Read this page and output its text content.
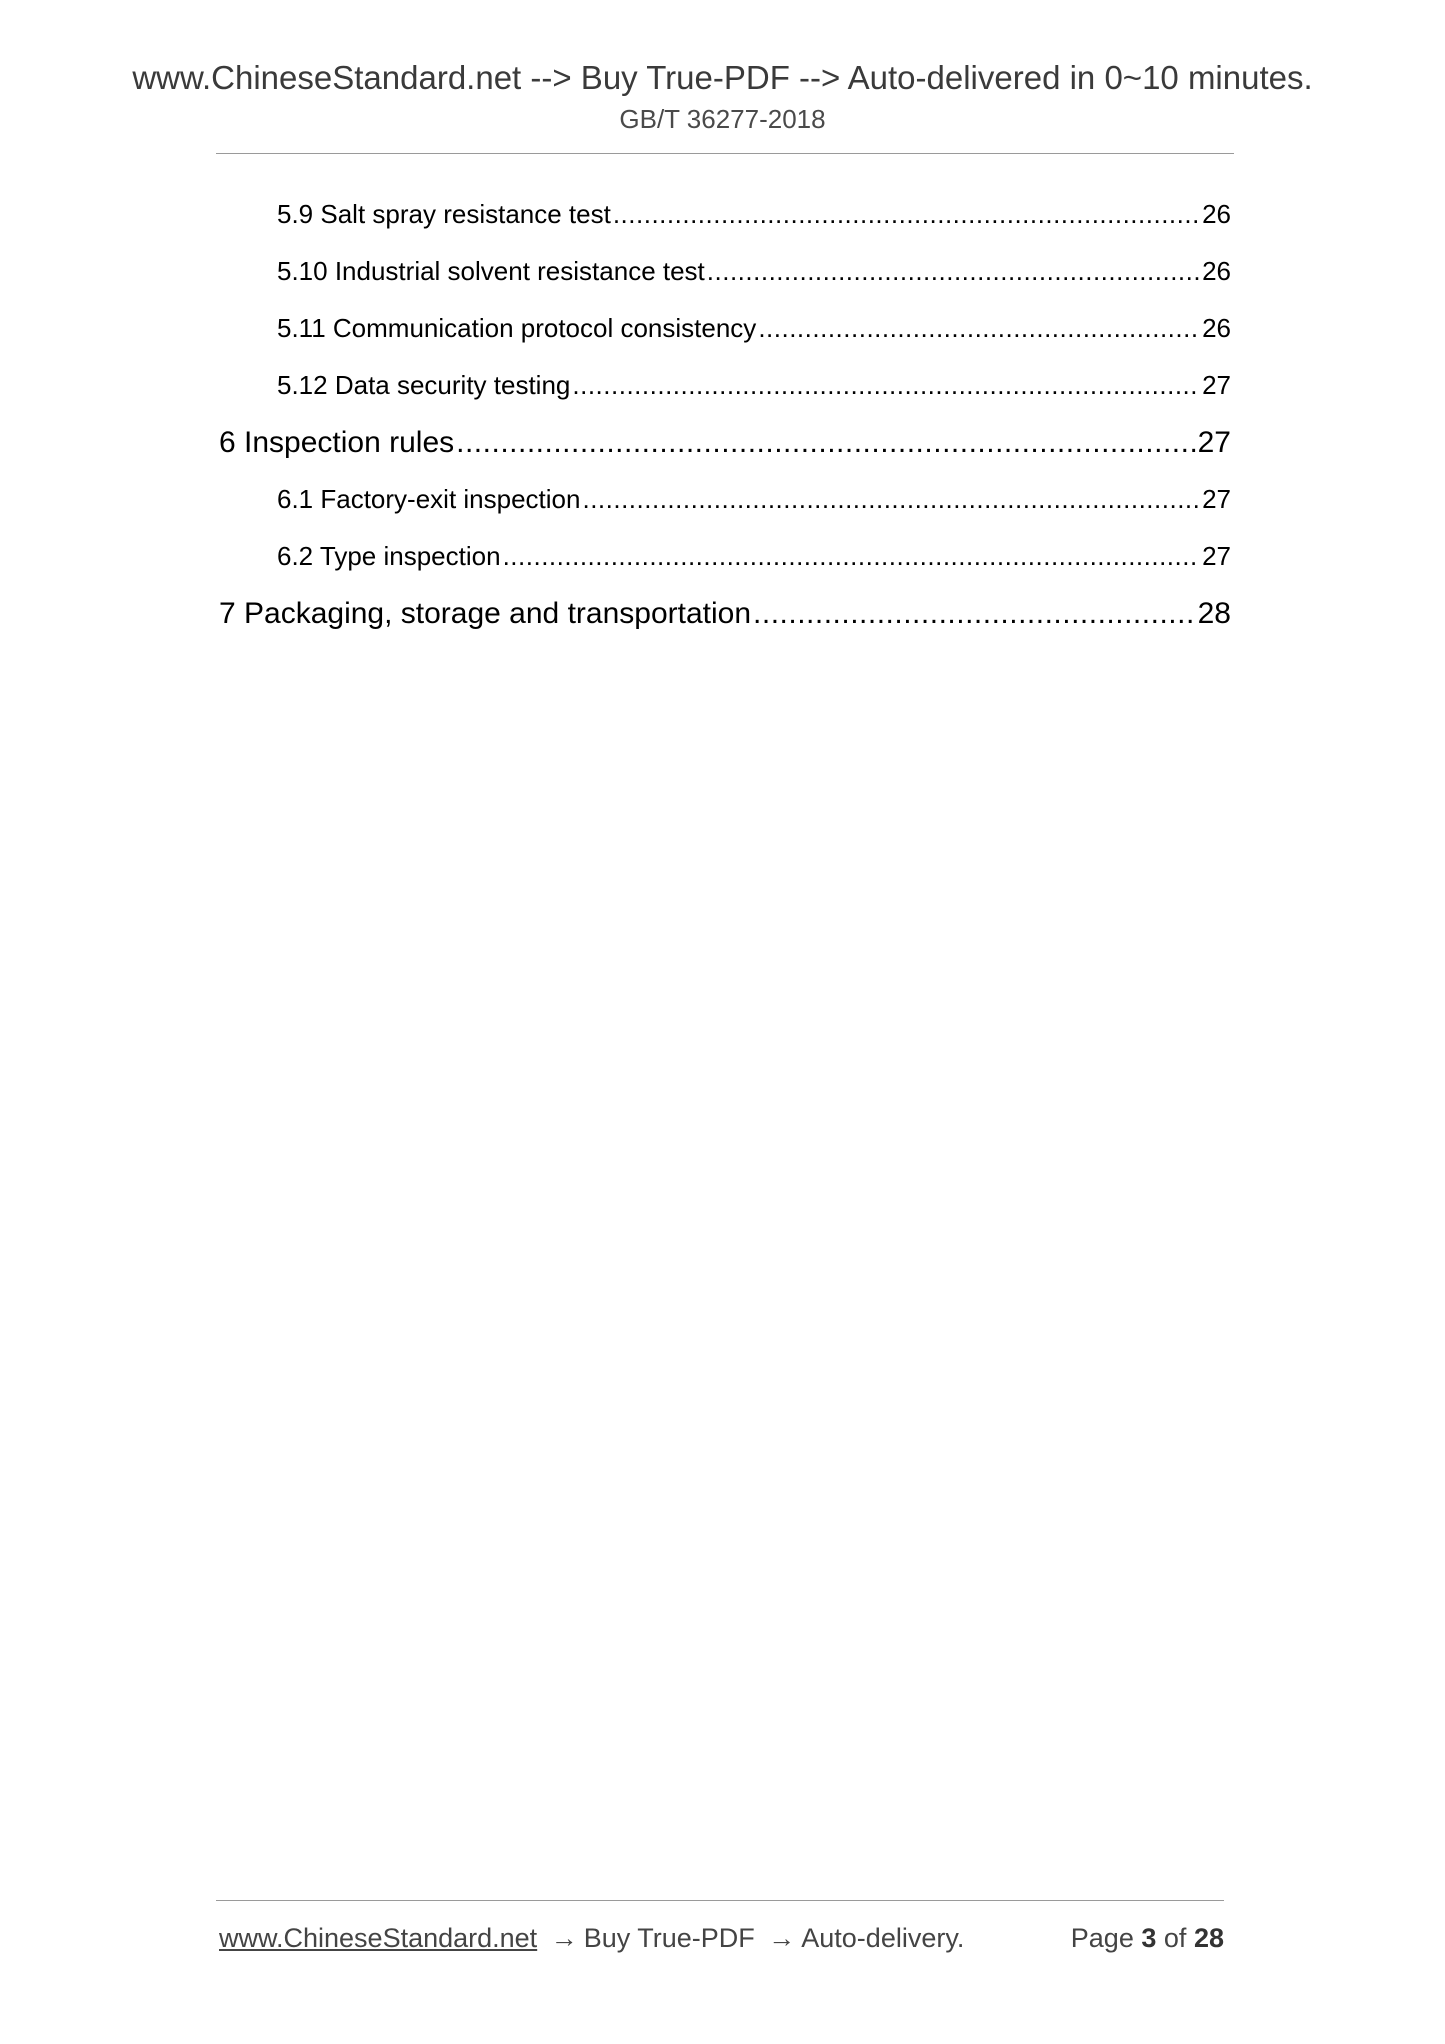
www.ChineseStandard.net --> Buy True-PDF --> Auto-delivered in 0~10 minutes.
GB/T 36277-2018
5.9 Salt spray resistance test .....	26
5.10 Industrial solvent resistance test .....	26
5.11 Communication protocol consistency .....	26
5.12 Data security testing .....	27
6 Inspection rules .....	27
6.1 Factory-exit inspection .....	27
6.2 Type inspection .....	27
7 Packaging, storage and transportation .....	28
www.ChineseStandard.net → Buy True-PDF → Auto-delivery.	Page 3 of 28
